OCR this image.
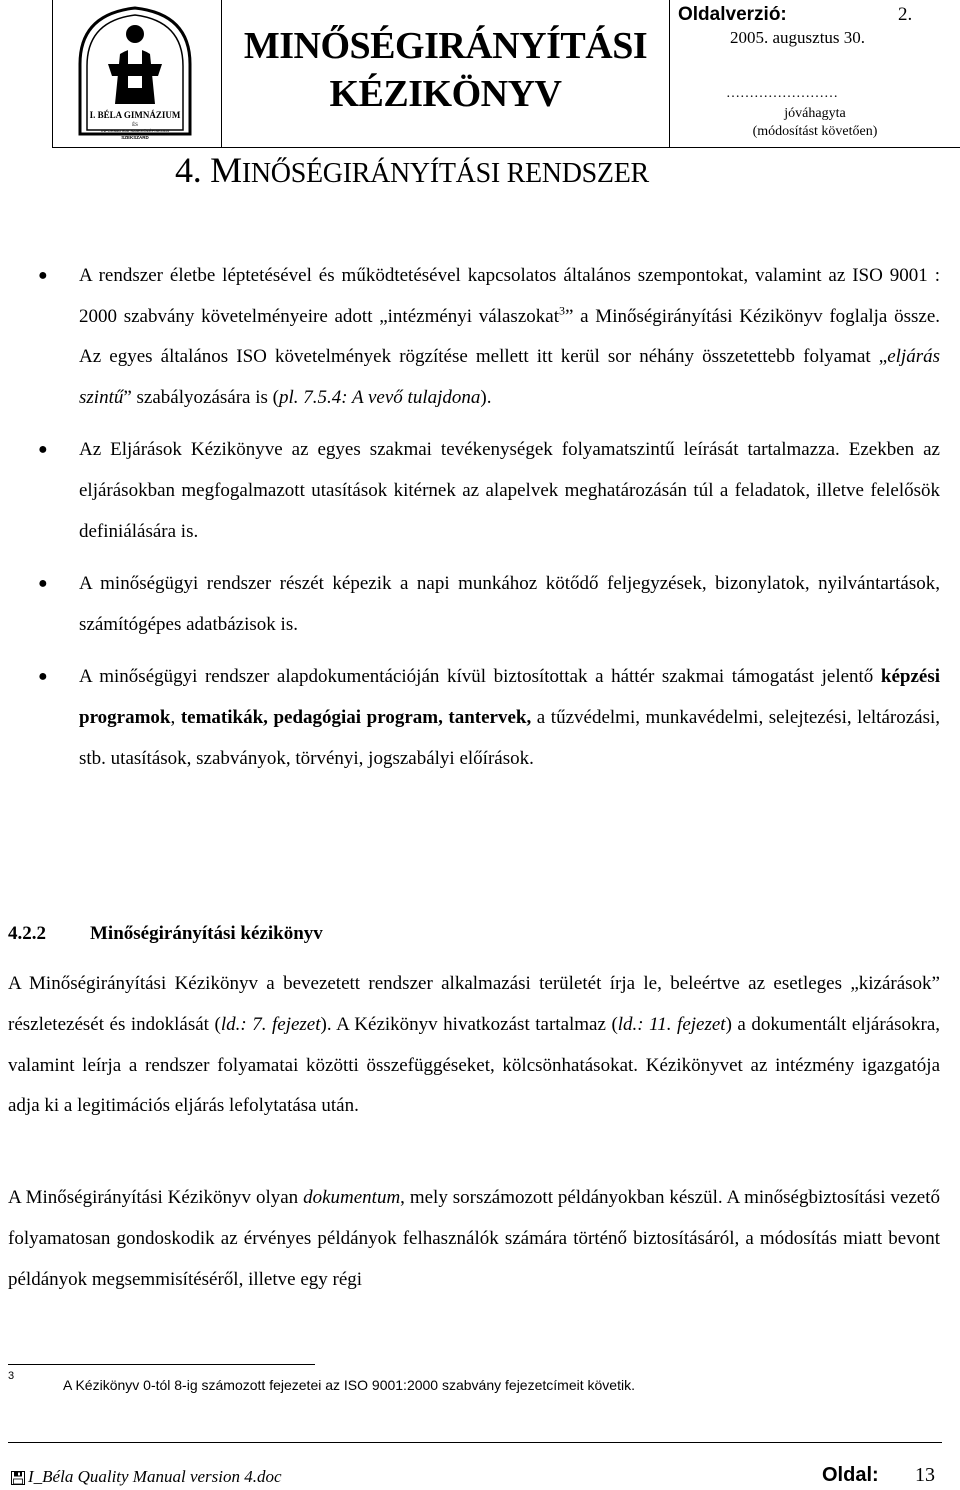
I. BÉLA GIMNÁZIUM
ÉS
INFORMATIKAI SZAKKÖZÉPISKOLA
SZEKSZÁRD
MINŐSÉGIRÁNYÍTÁSI
KÉZIKÖNYV
Oldalverzió:	2.
2005. augusztus 30.
……………………
jóváhagyta
(módosítást követően)
4. MINŐSÉGIRÁNYÍTÁSI RENDSZER
● A rendszer életbe léptetésével és működtetésével kapcsolatos általános szempontokat, valamint az ISO 9001 : 2000 szabvány követelményeire adott „intézményi válaszokat$^3$” a Minőségirányítási Kézikönyv foglalja össze. Az egyes általános ISO követelmények rögzítése mellett itt kerül sor néhány összetettebb folyamat „eljárás szintű” szabályozására is (pl. 7.5.4: A vevő tulajdona).
● Az Eljárások Kézikönyve az egyes szakmai tevékenységek folyamatszintű leírását tartalmazza. Ezekben az eljárásokban megfogalmazott utasítások kitérnek az alapelvek meghatározásán túl a feladatok, illetve felelősök definiálására is.
● A minőségügyi rendszer részét képezik a napi munkához kötődő feljegyzések, bizonylatok, nyilvántartások, számítógépes adatbázisok is.
● A minőségügyi rendszer alapdokumentációján kívül biztosítottak a háttér szakmai támogatást jelentő képzési programok, tematikák, pedagógiai program, tantervek, a tűzvédelmi, munkavédelmi, selejtezési, leltározási, stb. utasítások, szabványok, törvényi, jogszabályi előírások.
4.2.2 Minőségirányítási kézikönyv
A Minőségirányítási Kézikönyv a bevezetett rendszer alkalmazási területét írja le, beleértve az esetleges „kizárások” részletezését és indoklását (ld.: 7. fejezet). A Kézikönyv hivatkozást tartalmaz (ld.: 11. fejezet) a dokumentált eljárásokra, valamint leírja a rendszer folyamatai közötti összefüggéseket, kölcsönhatásokat. Kézikönyvet az intézmény igazgatója adja ki a legitimációs eljárás lefolytatása után.
A Minőségirányítási Kézikönyv olyan dokumentum, mely sorszámozott példányokban készül. A minőségbiztosítási vezető folyamatosan gondoskodik az érvényes példányok felhasználók számára történő biztosításáról, a módosítás miatt bevont példányok megsemmisítéséről, illetve egy régi
3
A Kézikönyv 0-tól 8-ig számozott fejezetei az ISO 9001:2000 szabvány fejezetcímeit követik.
I_Béla Quality Manual version 4.doc	Oldal: 13
